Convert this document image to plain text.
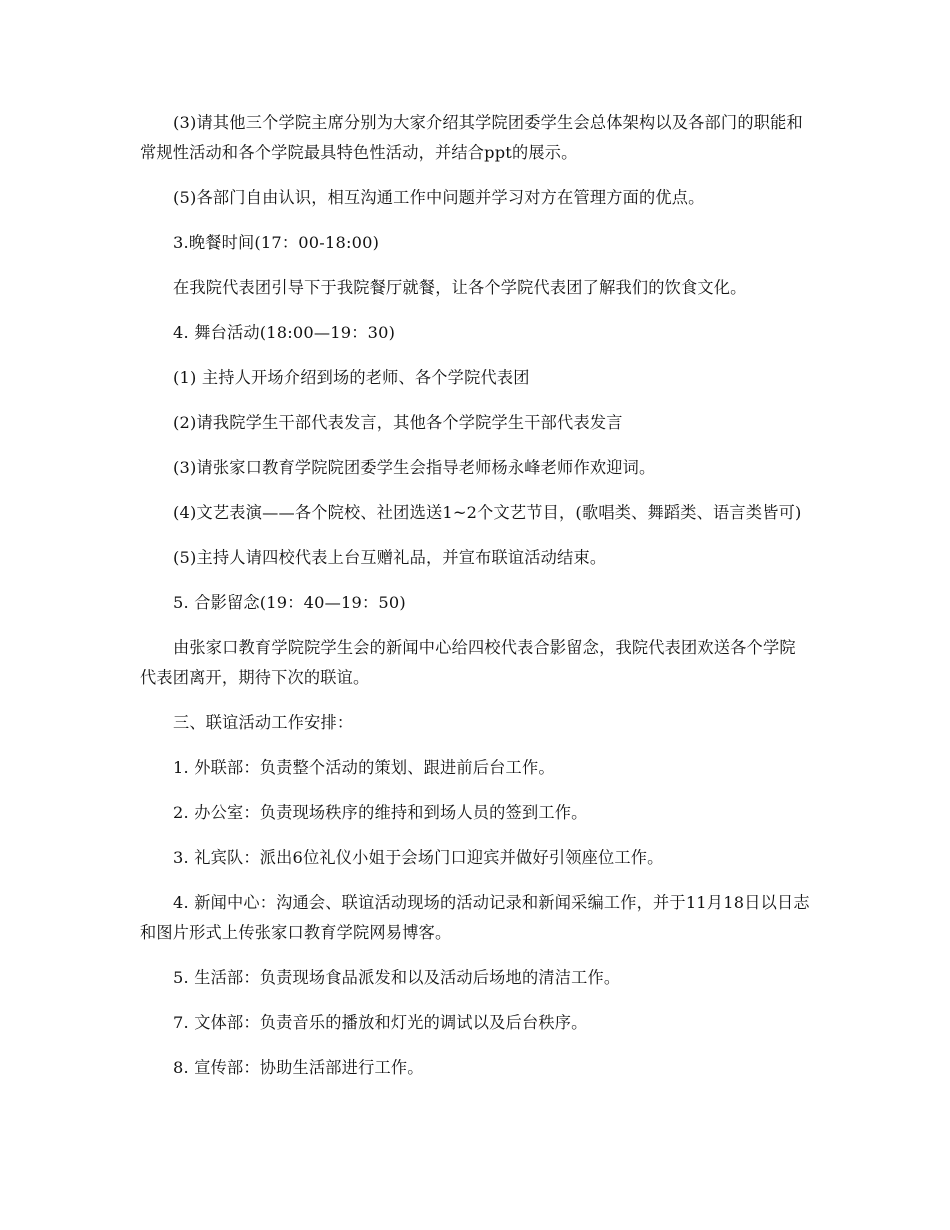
(3)请其他三个学院主席分别为大家介绍其学院团委学生会总体架构以及各部门的职能和常规性活动和各个学院最具特色性活动，并结合ppt的展示。

(5)各部门自由认识，相互沟通工作中问题并学习对方在管理方面的优点。

3.晚餐时间(17：00-18:00)

在我院代表团引导下于我院餐厅就餐，让各个学院代表团了解我们的饮食文化。

4. 舞台活动(18:00—19：30)

(1) 主持人开场介绍到场的老师、各个学院代表团

(2)请我院学生干部代表发言，其他各个学院学生干部代表发言

(3)请张家口教育学院院团委学生会指导老师杨永峰老师作欢迎词。

(4)文艺表演——各个院校、社团选送1~2个文艺节目，(歌唱类、舞蹈类、语言类皆可)

(5)主持人请四校代表上台互赠礼品，并宣布联谊活动结束。

5. 合影留念(19：40—19：50)

由张家口教育学院院学生会的新闻中心给四校代表合影留念，我院代表团欢送各个学院代表团离开，期待下次的联谊。

三、联谊活动工作安排：

1. 外联部：负责整个活动的策划、跟进前后台工作。

2. 办公室：负责现场秩序的维持和到场人员的签到工作。

3. 礼宾队：派出6位礼仪小姐于会场门口迎宾并做好引领座位工作。

4. 新闻中心：沟通会、联谊活动现场的活动记录和新闻采编工作，并于11月18日以日志和图片形式上传张家口教育学院网易博客。

5. 生活部：负责现场食品派发和以及活动后场地的清洁工作。

7. 文体部：负责音乐的播放和灯光的调试以及后台秩序。

8. 宣传部：协助生活部进行工作。
